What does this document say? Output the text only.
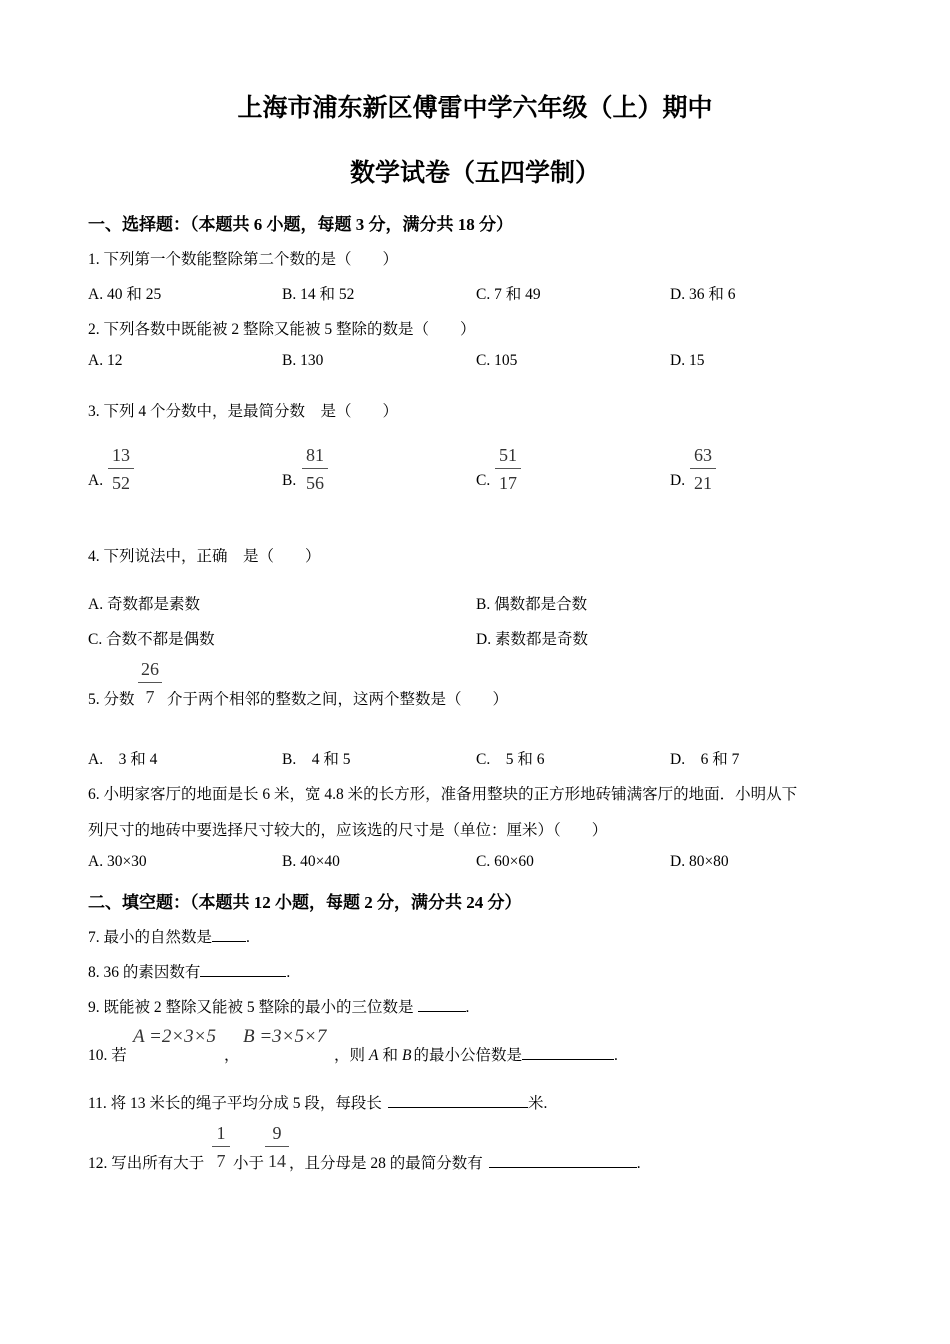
上海市浦东新区傅雷中学六年级（上）期中
数学试卷（五四学制）
一、选择题：（本题共 6 小题，每题 3 分，满分共 18 分）
1. 下列第一个数能整除第二个数的是（　　）
A. 40 和 25	B. 14 和 52	C. 7 和 49	D. 36 和 6
2. 下列各数中既能被 2 整除又能被 5 整除的数是（　　）
A. 12	B. 130	C. 105	D. 15
3. 下列 4 个分数中，是最简分数　是（　　）
A.
13
52	B.
81
56	C.
51
17	D.
63
21
4. 下列说法中，正确　是（　　）
A. 奇数都是素数	B. 偶数都是合数
C. 合数不都是偶数	D. 素数都是奇数
5. 分数
26
7 介于两个相邻的整数之间，这两个整数是（　　）
A.　3 和 4	B.　4 和 5	C.　5 和 6	D.　6 和 7
6. 小明家客厅的地面是长 6 米，宽 4.8 米的长方形，准备用整块的正方形地砖铺满客厅的地面．小明从下
列尺寸的地砖中要选择尺寸较大的，应该选的尺寸是（单位：厘米）（　　）
A. 30×30	B. 40×40	C. 60×60	D. 80×80
二、填空题：（本题共 12 小题，每题 2 分，满分共 24 分）
7. 最小的自然数是 .
8. 36 的素因数有	.
9. 既能被 2 整除又能被 5 整除的最小的三位数是	.
10. 若
A =2×3×5
，
B =3×5×7
，则 A 和 B 的最小公倍数是	.
11. 将 13 米长的绳子平均分成 5 段，每段长	米.
12. 写出所有大于
1
7 小于
9
14 ，且分母是 28 的最简分数有	.
